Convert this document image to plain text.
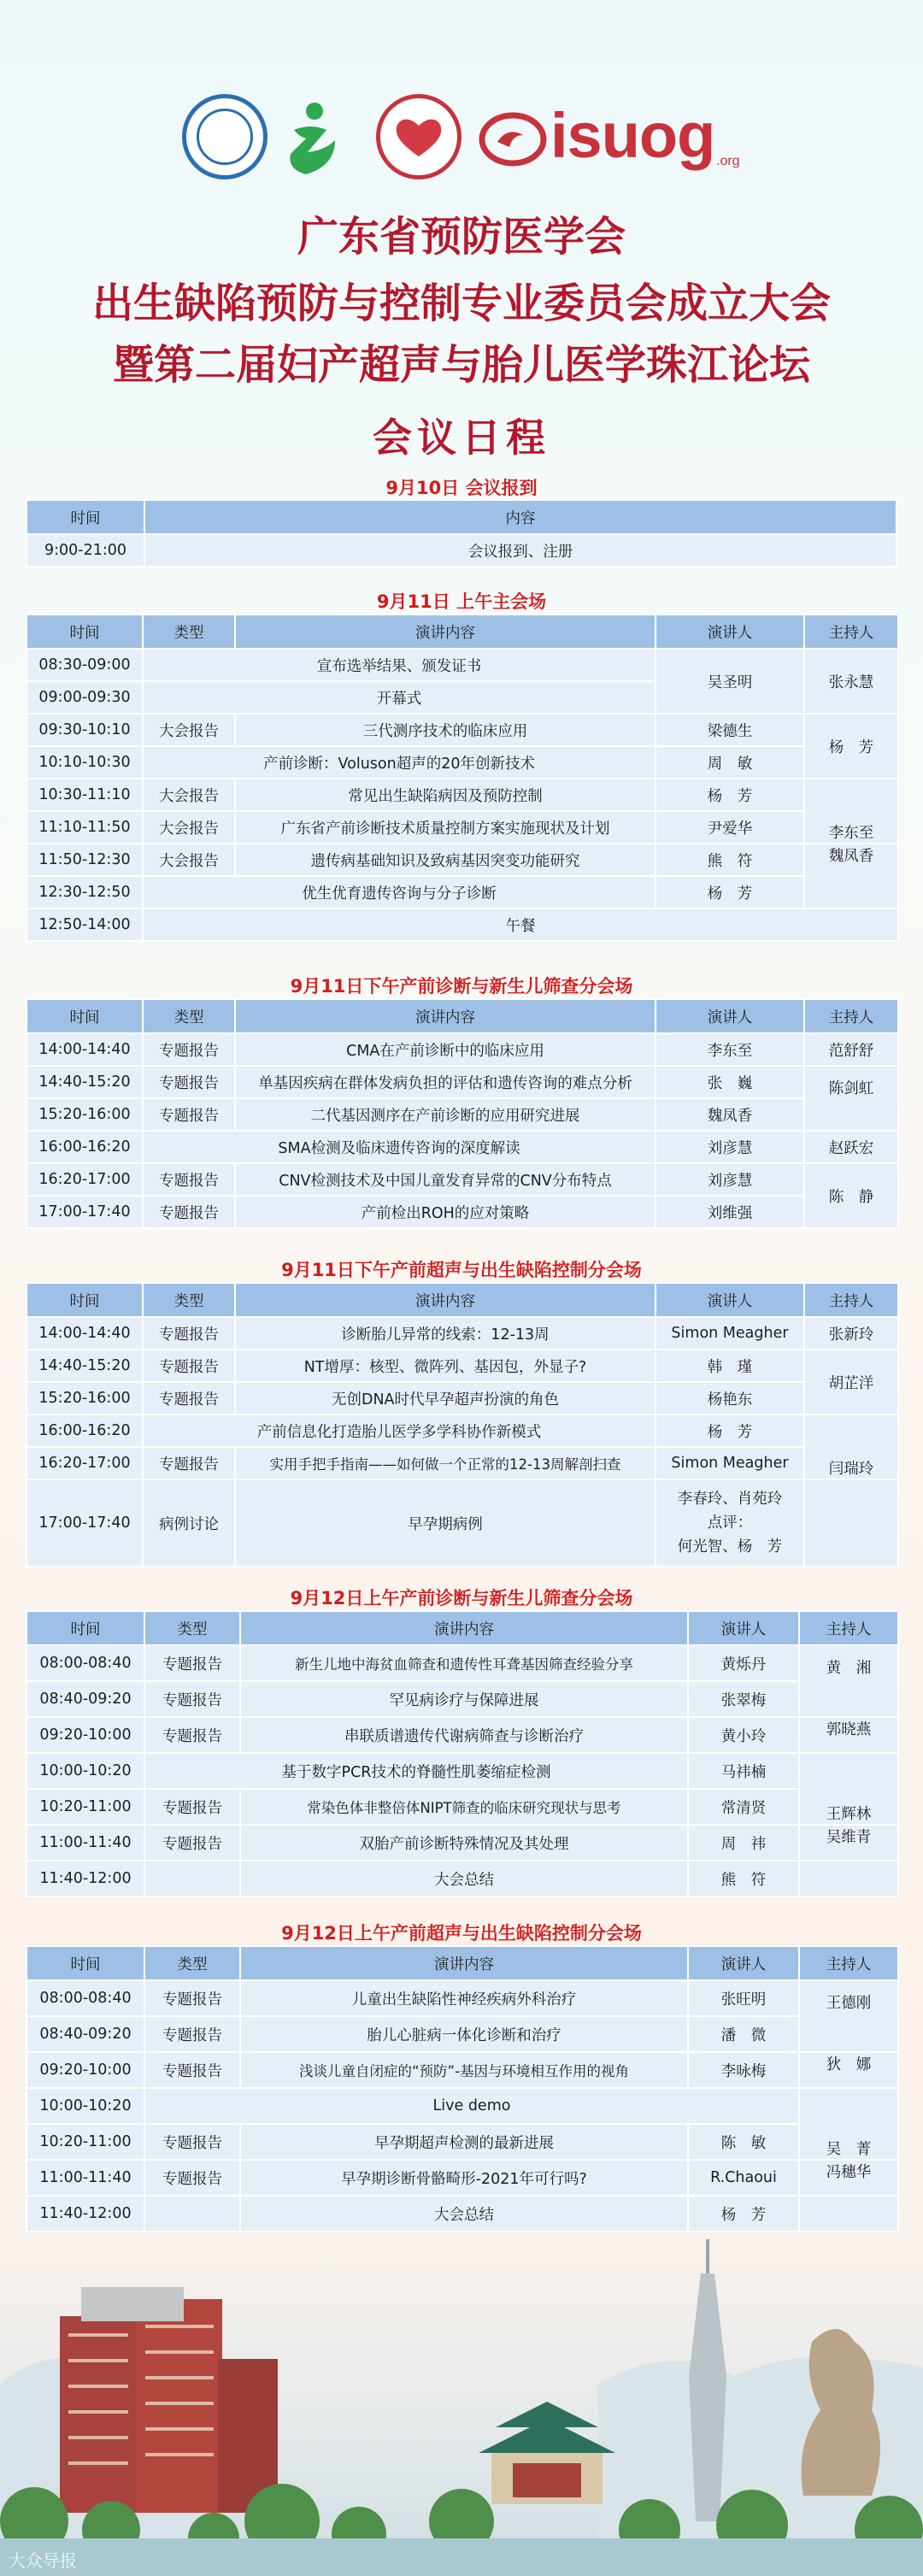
isuog .org
广东省预防医学会
出生缺陷预防与控制专业委员会成立大会
暨第二届妇产超声与胎儿医学珠江论坛
会议日程
9月10日 会议报到
时间	内容
9:00-21:00	会议报到、注册
9月11日 上午主会场
时间	类型	演讲内容	演讲人	主持人
08:30-09:00	宣布选举结果、颁发证书		吴圣明	张永慧
09:00-09:30	开幕式			
09:30-10:10	大会报告	三代测序技术的临床应用	梁德生	杨　芳
10:10-10:30	产前诊断：Voluson超声的20年创新技术		周　敏	
10:30-11:10	大会报告	常见出生缺陷病因及预防控制	杨　芳	李东至
11:10-11:50	大会报告	广东省产前诊断技术质量控制方案实施现状及计划	尹爱华	
11:50-12:30	大会报告	遗传病基础知识及致病基因突变功能研究	熊　符	魏凤香
12:30-12:50	优生优育遗传咨询与分子诊断		杨　芳	
12:50-14:00	午餐			
9月11日下午产前诊断与新生儿筛查分会场
时间	类型	演讲内容	演讲人	主持人
14:00-14:40	专题报告	CMA在产前诊断中的临床应用	李东至	范舒舒
14:40-15:20	专题报告	单基因疾病在群体发病负担的评估和遗传咨询的难点分析	张　巍	陈剑虹
15:20-16:00	专题报告	二代基因测序在产前诊断的应用研究进展	魏凤香	
16:00-16:20	SMA检测及临床遗传咨询的深度解读		刘彦慧	赵跃宏
16:20-17:00	专题报告	CNV检测技术及中国儿童发育异常的CNV分布特点	刘彦慧	陈　静
17:00-17:40	专题报告	产前检出ROH的应对策略	刘维强	
9月11日下午产前超声与出生缺陷控制分会场
时间	类型	演讲内容	演讲人	主持人
14:00-14:40	专题报告	诊断胎儿异常的线索：12-13周	Simon Meagher	张新玲
14:40-15:20	专题报告	NT增厚：核型、微阵列、基因包，外显子?	韩　瑾	胡芷洋
15:20-16:00	专题报告	无创DNA时代早孕超声扮演的角色	杨艳东	
16:00-16:20	产前信息化打造胎儿医学多学科协作新模式		杨　芳	闫瑞玲
16:20-17:00	专题报告	实用手把手指南——如何做一个正常的12-13周解剖扫查	Simon Meagher	
17:00-17:40	病例讨论	早孕期病例	李春玲、肖苑玲
点评：
何光智、杨　芳	

9月12日上午产前诊断与新生儿筛查分会场
时间	类型	演讲内容	演讲人	主持人
08:00-08:40	专题报告	新生儿地中海贫血筛查和遗传性耳聋基因筛查经验分享	黄烁丹	黄　湘
08:40-09:20	专题报告	罕见病诊疗与保障进展	张翠梅	
09:20-10:00	专题报告	串联质谱遗传代谢病筛查与诊断治疗	黄小玲	郭晓燕
10:00-10:20	基于数字PCR技术的脊髓性肌萎缩症检测		马祎楠	王辉林
10:20-11:00	专题报告	常染色体非整倍体NIPT筛查的临床研究现状与思考	常清贤	
11:00-11:40	专题报告	双胎产前诊断特殊情况及其处理	周　祎	吴维青
11:40-12:00		大会总结	熊　符	
9月12日上午产前超声与出生缺陷控制分会场
时间	类型	演讲内容	演讲人	主持人
08:00-08:40	专题报告	儿童出生缺陷性神经疾病外科治疗	张旺明	王德刚
08:40-09:20	专题报告	胎儿心脏病一体化诊断和治疗	潘　微	
09:20-10:00	专题报告	浅谈儿童自闭症的“预防”-基因与环境相互作用的视角	李咏梅	狄　娜
10:00-10:20	Live demo			吴　菁
10:20-11:00	专题报告	早孕期超声检测的最新进展	陈　敏	
11:00-11:40	专题报告	早孕期诊断骨骼畸形-2021年可行吗?	R.Chaoui	冯穗华
11:40-12:00		大会总结	杨　芳	
大众导报
